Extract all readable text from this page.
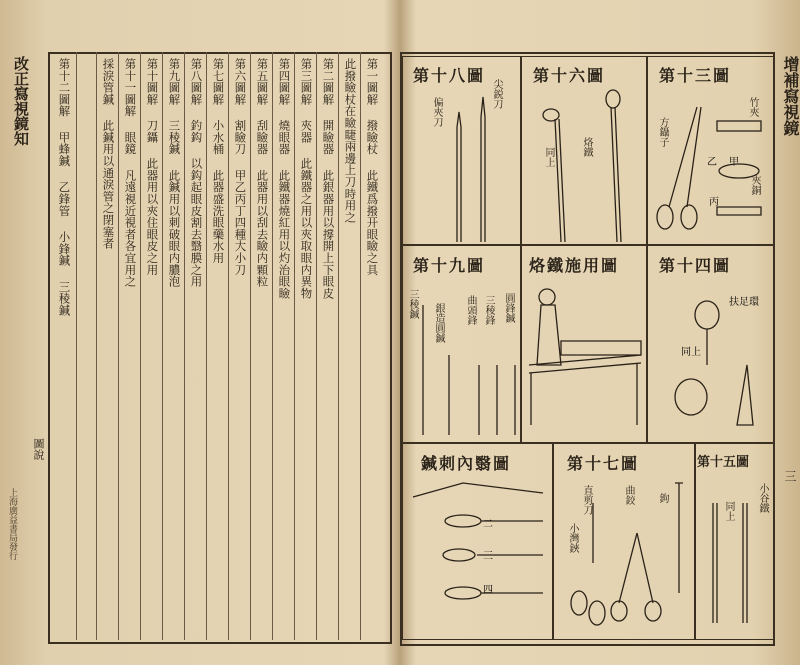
改正寫視鏡知
圖說
上海廣益書局發行
第一圖解 撥瞼杖 此鐵爲撥开眼瞼之具
此撥瞼杖在瞼睫兩邊上刀時用之
第二圖解 開瞼器 此銀器用以撐開上下眼皮
第三圖解 夾器 此鐵器之用以夾取眼内異物
第四圖解 燒眼器 此鐵器燒紅用以灼治眼瞼
第五圖解 刮瞼器 此器用以刮去瞼内顆粒
第六圖解 割瞼刀 甲乙丙丁四種大小刀
第七圖解 小水桶 此器盛洗眼藥水用
第八圖解 釣鈎 以鈎起眼皮割去翳膜之用
第九圖解 三稜鍼 此鍼用以刺破眼内膿泡
第十圖解 刀鑷 此器用以夾住眼皮之用
第十一圖解 眼鏡 凡遠視近視者各宜用之
採淚管鍼 此鍼用以通淚管之閉塞者
第十二圖解 甲蜂鍼 乙鋒管 小鋒鍼 三稜鍼	增補寫視鏡
三
第十八圖
偏夾刀
尖鋭刀
第十六圖
烙鐵
同上
第十三圖
竹夾
方鑷子
甲
乙
丙
夾銅
第十九圖
三稜鍼 銀造圓鍼 曲頭鋒 三稜鋒 圓鋒鍼
烙鐵施用圖 第十四圖
扶足環
同上
鍼刺內翳圖
二
三
四
第十七圖
直剪刀	曲鉸 鉤
小灣鋏
第十五圖
小谷鐵
同上
